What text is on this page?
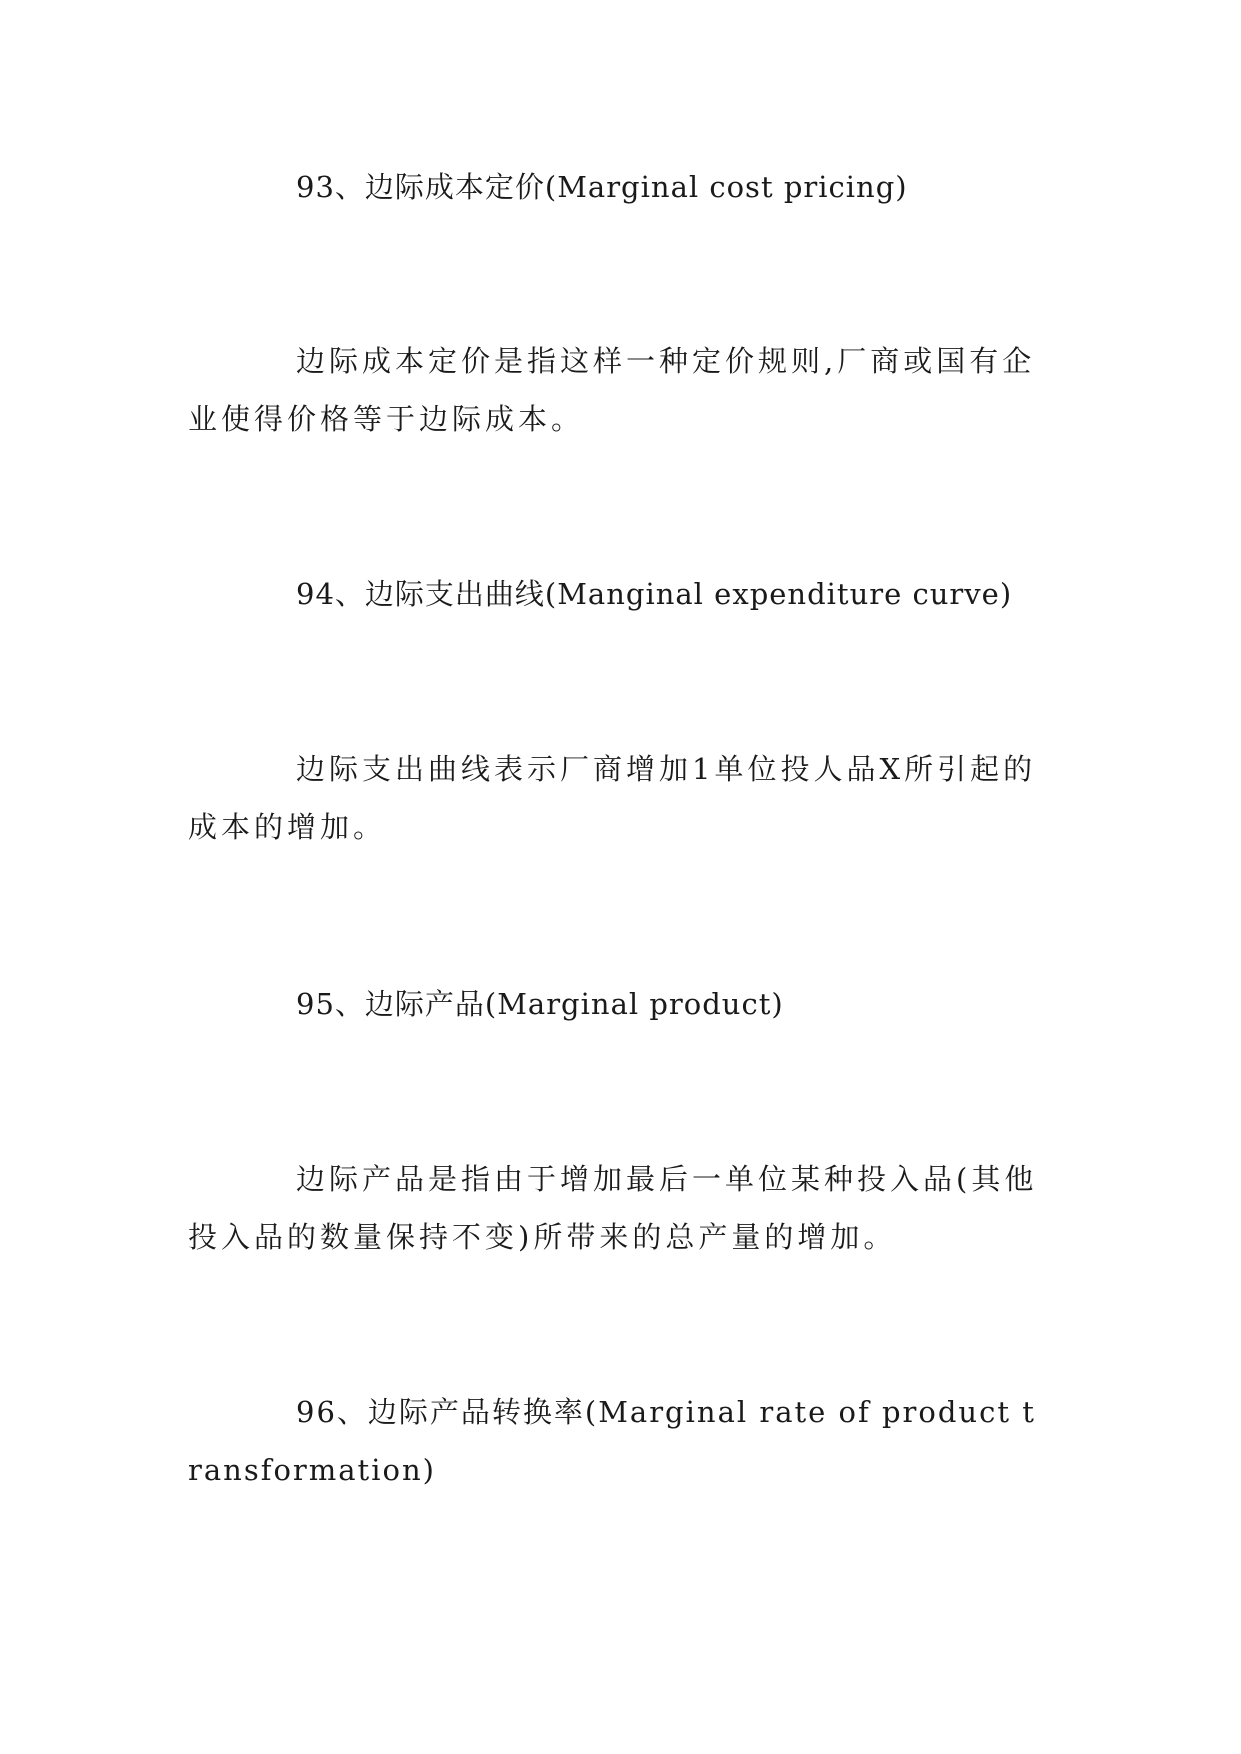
93、边际成本定价(Marginal cost pricing)

边际成本定价是指这样一种定价规则,厂商或国有企业使得价格等于边际成本。

94、边际支出曲线(Manginal expenditure curve)

边际支出曲线表示厂商增加1单位投人品X所引起的成本的增加。

95、边际产品(Marginal product)

边际产品是指由于增加最后一单位某种投入品(其他投入品的数量保持不变)所带来的总产量的增加。

96、边际产品转换率(Marginal rate of product transformation)
